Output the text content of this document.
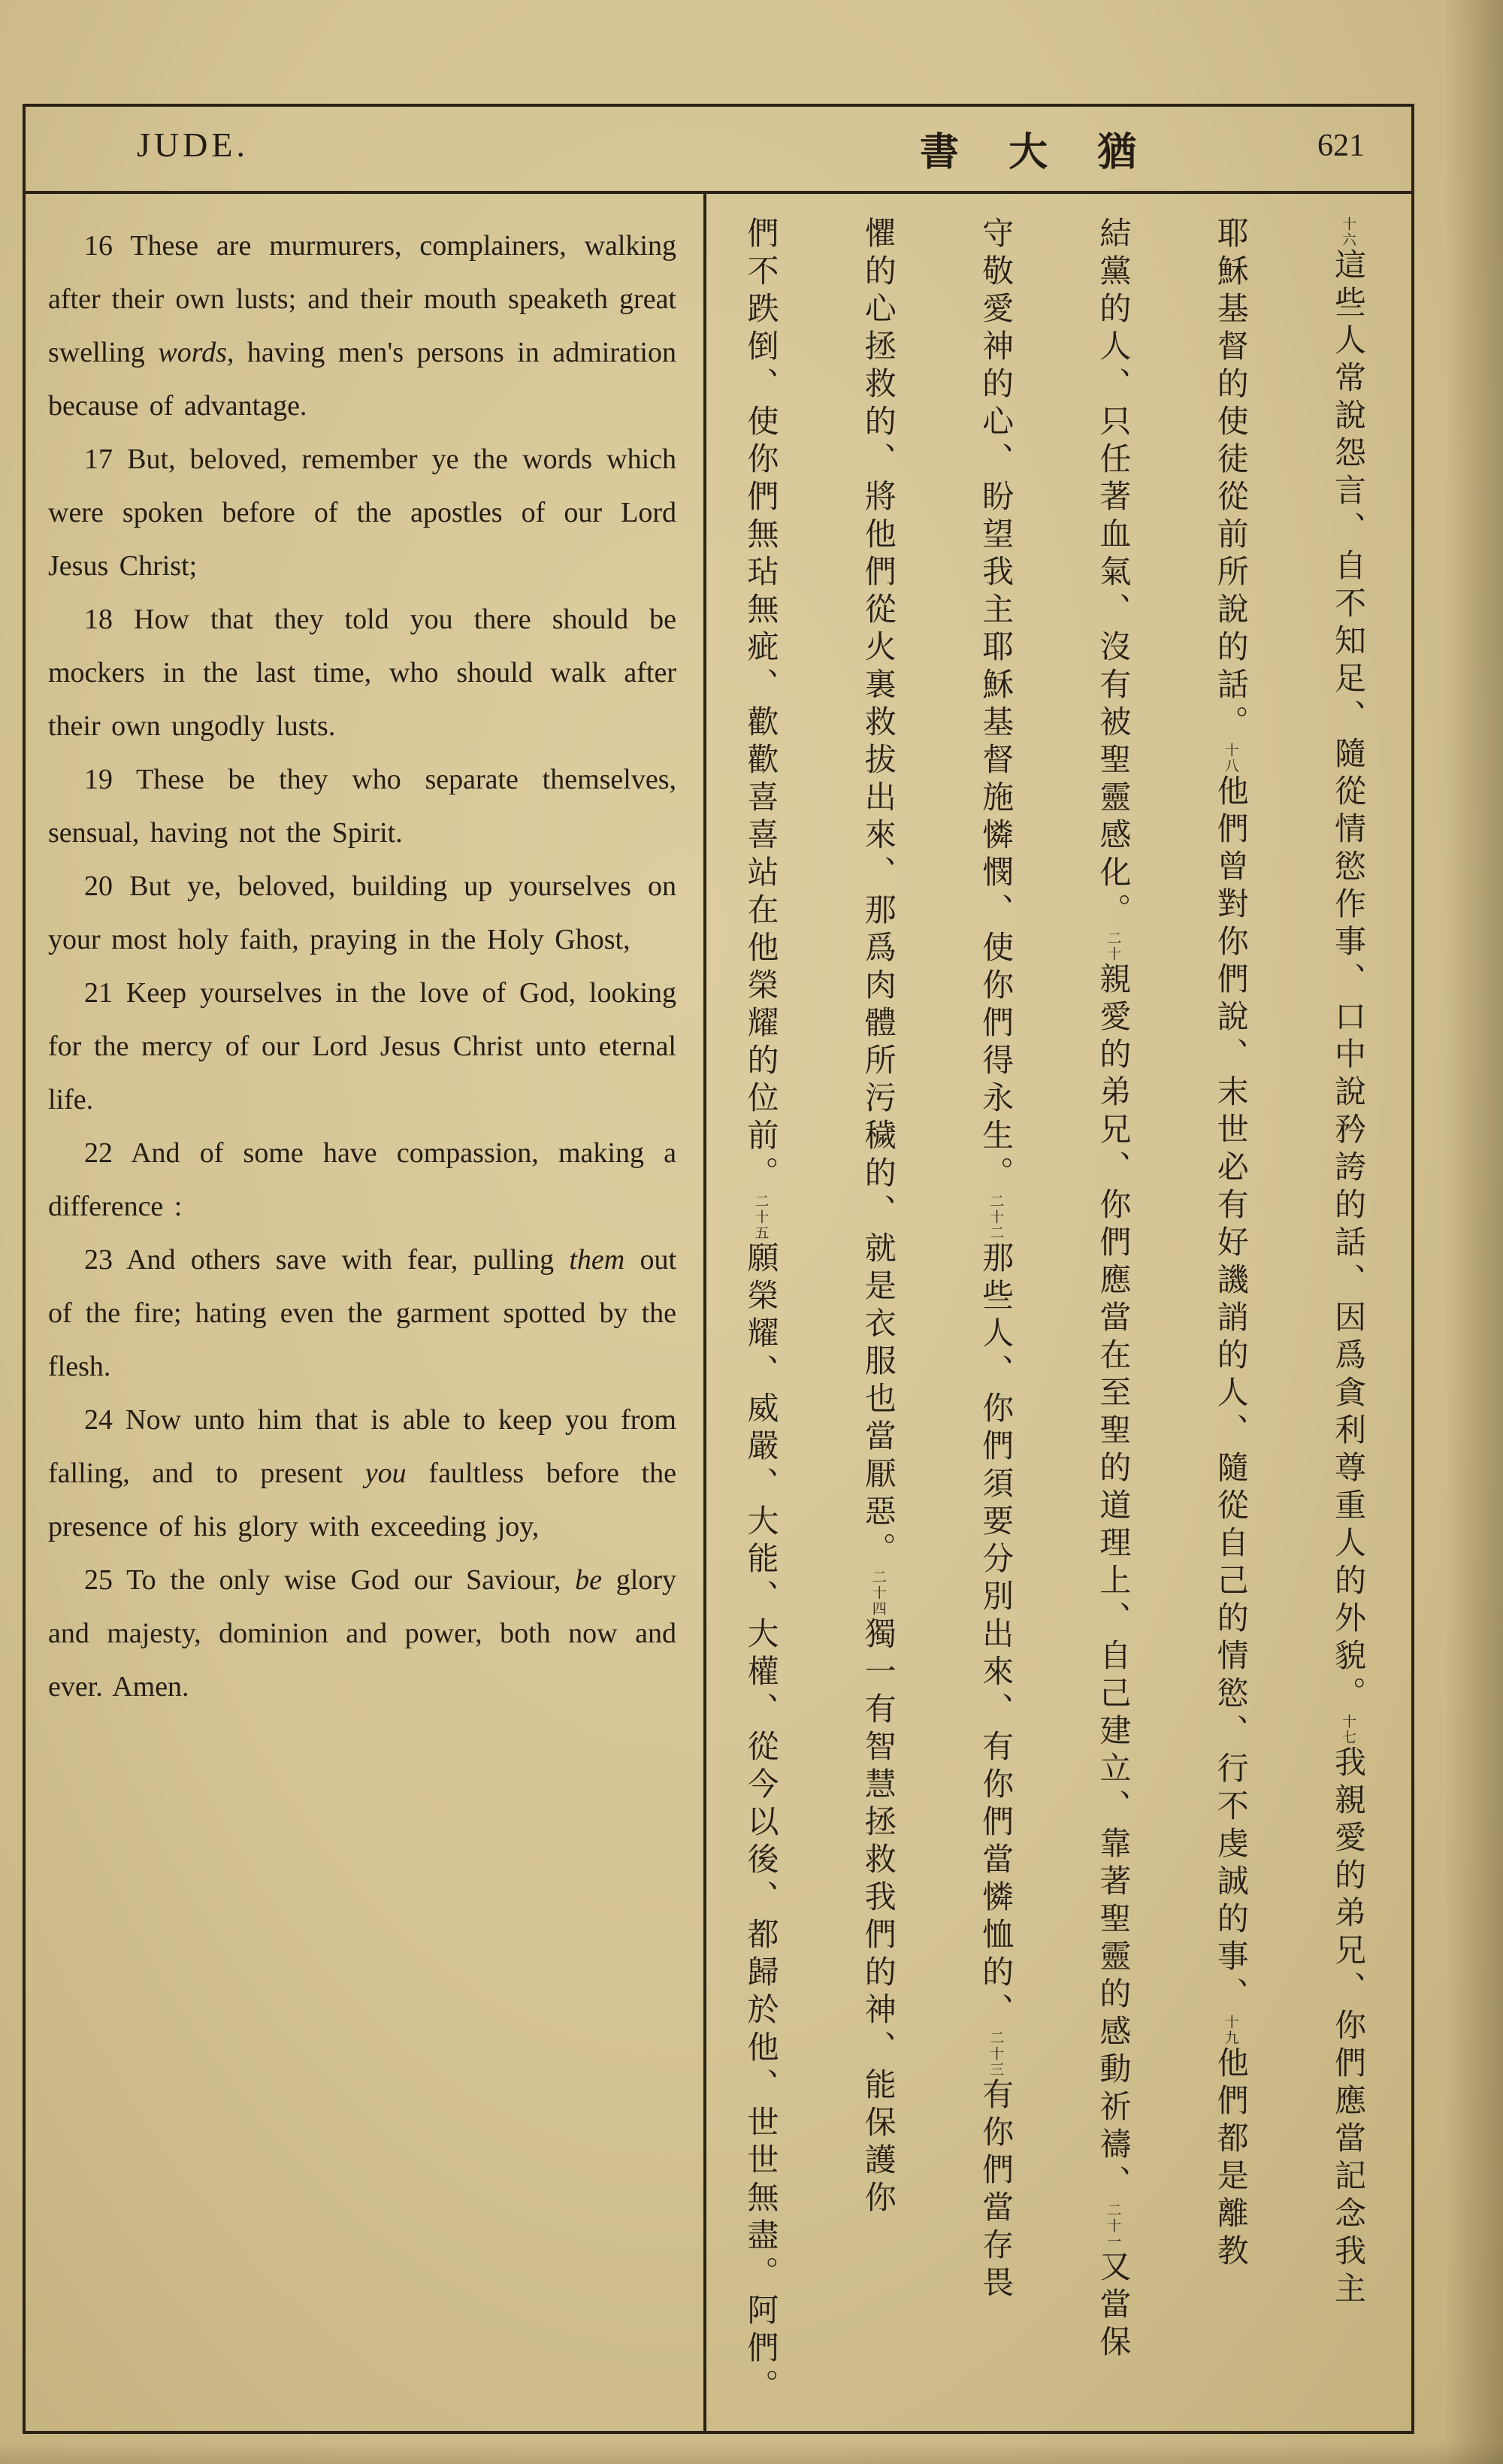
JUDE.	書 大 猶	621

16 These are murmurers, complainers, walking after their own lusts; and their mouth speaketh great swelling words, having men's persons in admiration because of advantage.

17 But, beloved, remember ye the words which were spoken before of the apostles of our Lord Jesus Christ;

18 How that they told you there should be mockers in the last time, who should walk after their own ungodly lusts.

19 These be they who separate themselves, sensual, having not the Spirit.

20 But ye, beloved, building up yourselves on your most holy faith, praying in the Holy Ghost,

21 Keep yourselves in the love of God, looking for the mercy of our Lord Jesus Christ unto eternal life.

22 And of some have compassion, making a difference :

23 And others save with fear, pulling them out of the fire; hating even the garment spotted by the flesh.

24 Now unto him that is able to keep you from falling, and to present you faultless before the presence of his glory with exceeding joy,

25 To the only wise God our Saviour, be glory and majesty, dominion and power, both now and ever. Amen.

十六這些人常說怨言、自不知足、隨從情慾作事、口中說矜誇的話、因爲貪利尊重人的外貌。十七我親愛的弟兄、你們應當記念我主
耶穌基督的使徒從前所說的話。十八他們曾對你們說、末世必有好譏誚的人、隨從自己的情慾、行不虔誠的事、十九他們都是離教
結黨的人、只任著血氣、沒有被聖靈感化。二十親愛的弟兄、你們應當在至聖的道理上、自己建立、靠著聖靈的感動祈禱、二十一又當保
守敬愛神的心、盼望我主耶穌基督施憐憫、使你們得永生。二十二那些人、你們須要分別出來、有你們當憐恤的、二十三有你們當存畏
懼的心拯救的、將他們從火裏救拔出來、那爲肉體所污穢的、就是衣服也當厭惡。二十四獨一有智慧拯救我們的神、能保護你
們不跌倒、使你們無玷無疵、歡歡喜喜站在他榮耀的位前。二十五願榮耀、威嚴、大能、大權、從今以後、都歸於他、世世無盡。阿們。
